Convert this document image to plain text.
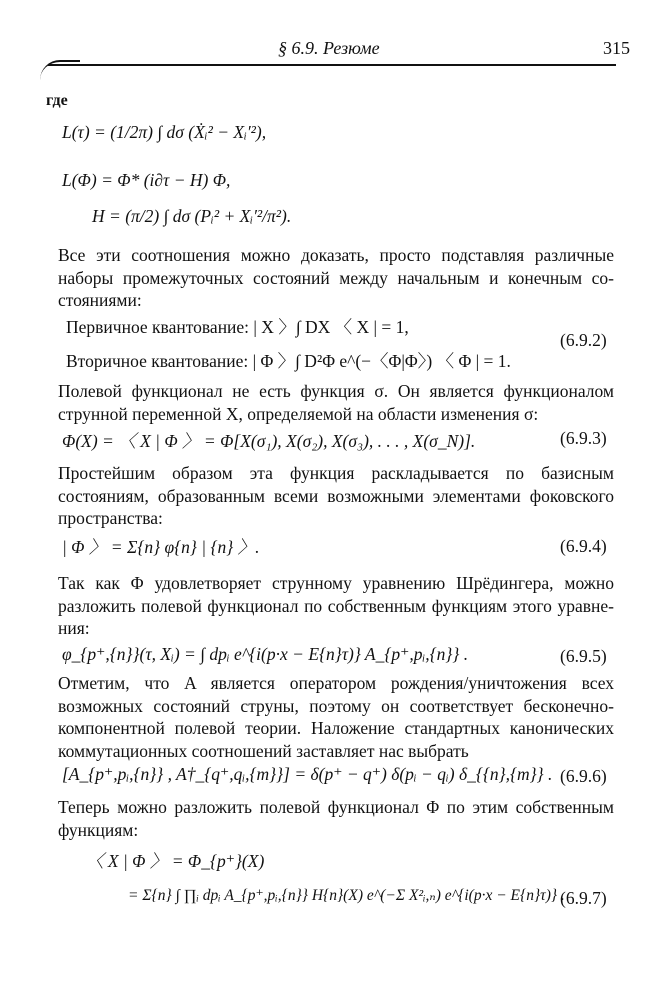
§ 6.9. Резюме	315
где
L(τ) = (1/2π) ∫ dσ (Ẋᵢ² − Xᵢ′²),
L(Φ) = Φ* (i∂τ − H) Φ,
H = (π/2) ∫ dσ (Pᵢ² + Xᵢ′²/π²).
Все эти соотношения можно доказать, просто подставляя различные
наборы промежуточных состояний между начальным и конечным со-
стояниями:
Первичное квантование: | X 〉∫ DX 〈 X | = 1,
(6.9.2)
Вторичное квантование: | Φ 〉∫ D²Φ e^(−〈Φ|Φ〉) 〈 Φ | = 1.
Полевой функционал не есть функция σ. Он является функционалом
струнной переменной X, определяемой на области изменения σ:
Φ(X) = 〈 X | Φ 〉 = Φ[X(σ₁), X(σ₂), X(σ₃), . . . , X(σ_N)].	(6.9.3)
Простейшим образом эта функция раскладывается по базисным
состояниям, образованным всеми возможными элементами фоковского
пространства:
| Φ 〉 = Σ{n} φ{n} | {n} 〉.	(6.9.4)
Так как Φ удовлетворяет струнному уравнению Шрёдингера, можно
разложить полевой функционал по собственным функциям этого уравне-
ния:
φ_{p⁺,{n}}(τ, Xᵢ) = ∫ dpᵢ e^{i(p·x − E{n}τ)} A_{p⁺,pᵢ,{n}} .	(6.9.5)
Отметим, что A является оператором рождения/уничтожения всех
возможных состояний струны, поэтому он соответствует бесконечно-
компонентной полевой теории. Наложение стандартных канонических
коммутационных соотношений заставляет нас выбрать
[A_{p⁺,pᵢ,{n}} , A†_{q⁺,qᵢ,{m}}] = δ(p⁺ − q⁺) δ(pᵢ − qᵢ) δ_{{n},{m}} . (6.9.6)
Теперь можно разложить полевой функционал Φ по этим собственным
функциям:
〈 X | Φ 〉 = Φ_{p⁺}(X)
= Σ{n} ∫ ∏ᵢ dpᵢ A_{p⁺,pᵢ,{n}} H{n}(X) e^(−Σ X²ᵢ,ₙ) e^{i(p·x − E{n}τ)} .
(6.9.7)
